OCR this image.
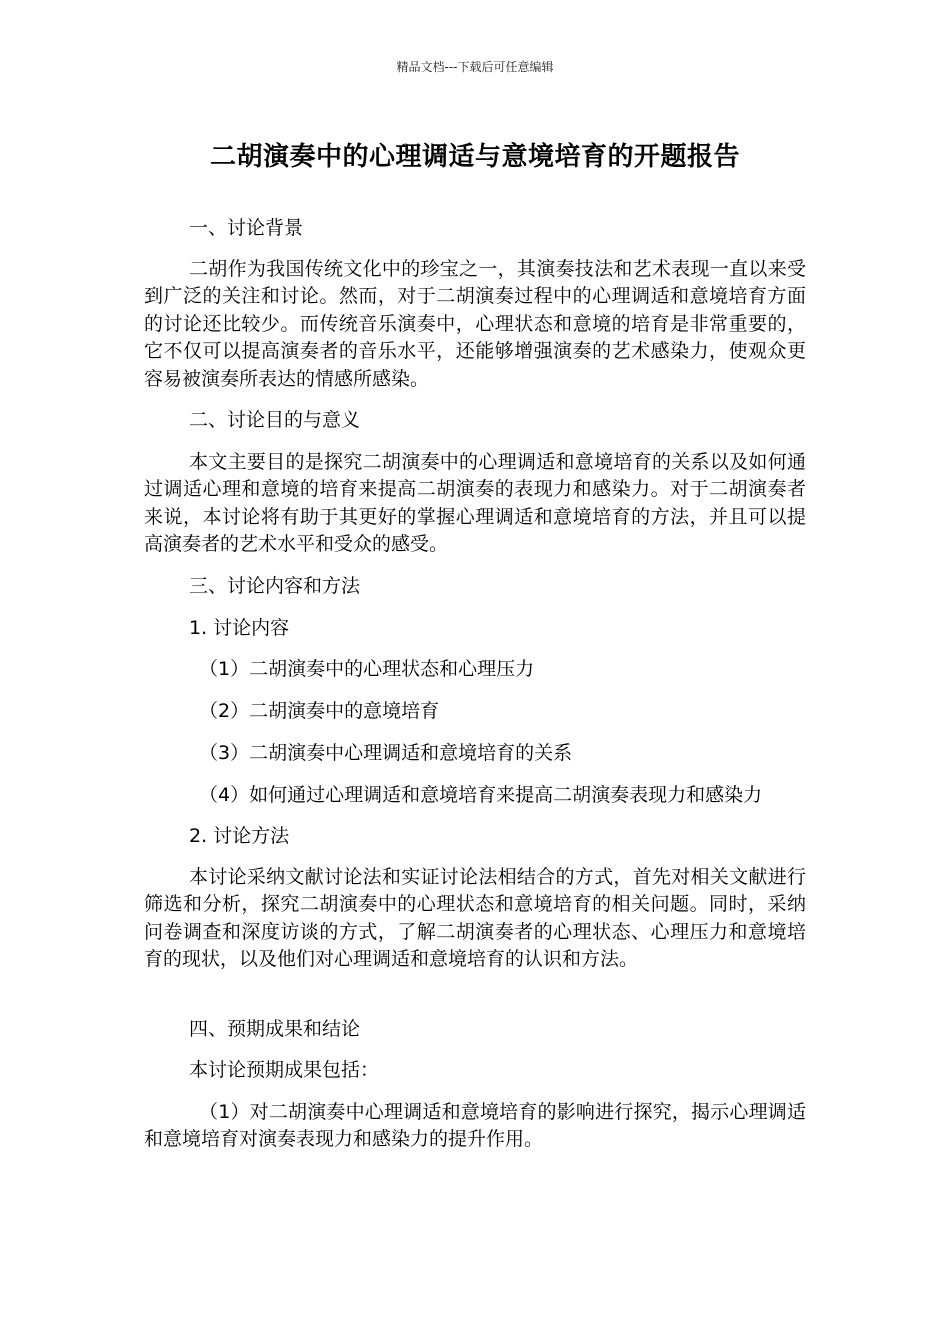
精品文档---下载后可任意编辑
二胡演奏中的心理调适与意境培育的开题报告
一、讨论背景
二胡作为我国传统文化中的珍宝之一，其演奏技法和艺术表现一直以来受到广泛的关注和讨论。然而，对于二胡演奏过程中的心理调适和意境培育方面的讨论还比较少。而传统音乐演奏中，心理状态和意境的培育是非常重要的，它不仅可以提高演奏者的音乐水平，还能够增强演奏的艺术感染力，使观众更容易被演奏所表达的情感所感染。
二、讨论目的与意义
本文主要目的是探究二胡演奏中的心理调适和意境培育的关系以及如何通过调适心理和意境的培育来提高二胡演奏的表现力和感染力。对于二胡演奏者来说，本讨论将有助于其更好的掌握心理调适和意境培育的方法，并且可以提高演奏者的艺术水平和受众的感受。
三、讨论内容和方法
1. 讨论内容
（1）二胡演奏中的心理状态和心理压力
（2）二胡演奏中的意境培育
（3）二胡演奏中心理调适和意境培育的关系
（4）如何通过心理调适和意境培育来提高二胡演奏表现力和感染力
2. 讨论方法
本讨论采纳文献讨论法和实证讨论法相结合的方式，首先对相关文献进行筛选和分析，探究二胡演奏中的心理状态和意境培育的相关问题。同时，采纳问卷调查和深度访谈的方式，了解二胡演奏者的心理状态、心理压力和意境培育的现状，以及他们对心理调适和意境培育的认识和方法。
四、预期成果和结论
本讨论预期成果包括：
（1）对二胡演奏中心理调适和意境培育的影响进行探究，揭示心理调适和意境培育对演奏表现力和感染力的提升作用。
